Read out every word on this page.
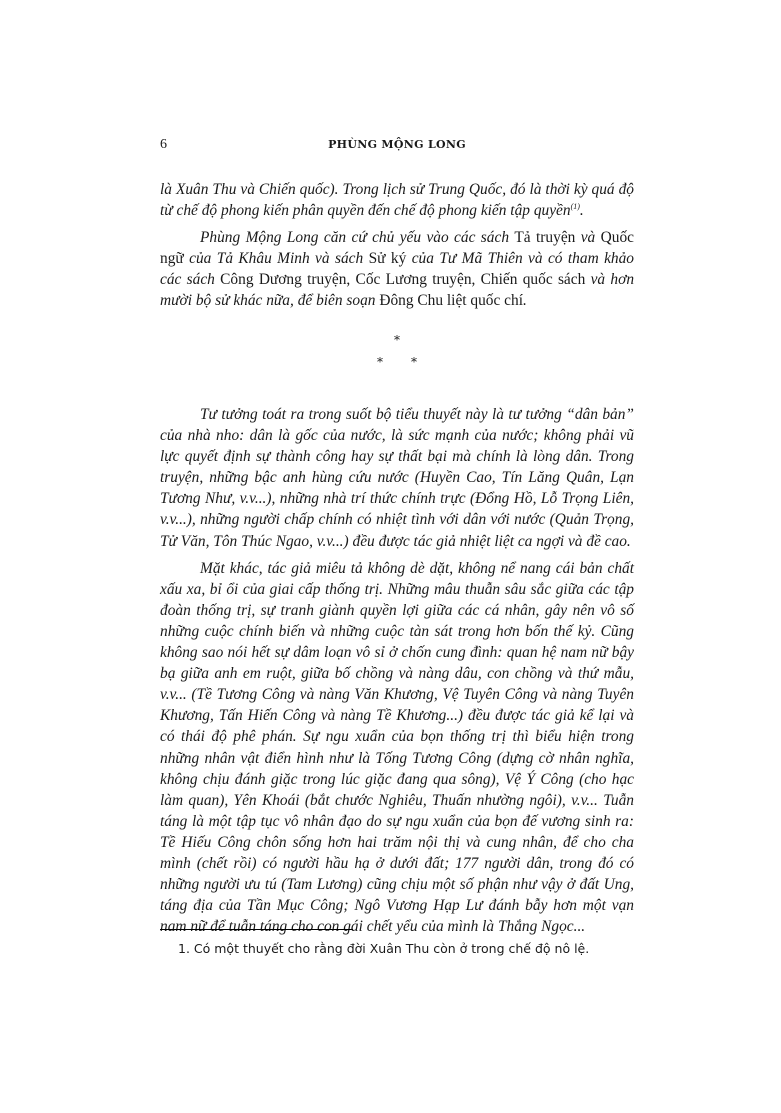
6	PHÙNG MỘNG LONG

là Xuân Thu và Chiến quốc). Trong lịch sử Trung Quốc, đó là thời kỳ quá độ từ chế độ phong kiến phân quyền đến chế độ phong kiến tập quyền$^{(1)}$.

Phùng Mộng Long căn cứ chủ yếu vào các sách Tả truyện và Quốc ngữ của Tả Khâu Minh và sách Sử ký của Tư Mã Thiên và có tham khảo các sách Công Dương truyện, Cốc Lương truyện, Chiến quốc sách và hơn mười bộ sử khác nữa, để biên soạn Đông Chu liệt quốc chí.

*
* *

Tư tưởng toát ra trong suốt bộ tiểu thuyết này là tư tưởng “dân bản” của nhà nho: dân là gốc của nước, là sức mạnh của nước; không phải vũ lực quyết định sự thành công hay sự thất bại mà chính là lòng dân. Trong truyện, những bậc anh hùng cứu nước (Huyền Cao, Tín Lăng Quân, Lạn Tương Như, v.v...), những nhà trí thức chính trực (Đổng Hồ, Lỗ Trọng Liên, v.v...), những người chấp chính có nhiệt tình với dân với nước (Quản Trọng, Tử Văn, Tôn Thúc Ngao, v.v...) đều được tác giả nhiệt liệt ca ngợi và đề cao.

Mặt khác, tác giả miêu tả không dè dặt, không nể nang cái bản chất xấu xa, bỉ ổi của giai cấp thống trị. Những mâu thuẫn sâu sắc giữa các tập đoàn thống trị, sự tranh giành quyền lợi giữa các cá nhân, gây nên vô số những cuộc chính biến và những cuộc tàn sát trong hơn bốn thế kỷ. Cũng không sao nói hết sự dâm loạn vô sỉ ở chốn cung đình: quan hệ nam nữ bậy bạ giữa anh em ruột, giữa bố chồng và nàng dâu, con chồng và thứ mẫu, v.v... (Tề Tương Công và nàng Văn Khương, Vệ Tuyên Công và nàng Tuyên Khương, Tấn Hiến Công và nàng Tề Khương...) đều được tác giả kể lại và có thái độ phê phán. Sự ngu xuẩn của bọn thống trị thì biểu hiện trong những nhân vật điển hình như là Tống Tương Công (dựng cờ nhân nghĩa, không chịu đánh giặc trong lúc giặc đang qua sông), Vệ Ý Công (cho hạc làm quan), Yên Khoái (bắt chước Nghiêu, Thuấn nhường ngôi), v.v... Tuẫn táng là một tập tục vô nhân đạo do sự ngu xuẩn của bọn đế vương sinh ra: Tề Hiếu Công chôn sống hơn hai trăm nội thị và cung nhân, để cho cha mình (chết rồi) có người hầu hạ ở dưới đất; 177 người dân, trong đó có những người ưu tú (Tam Lương) cũng chịu một số phận như vậy ở đất Ung, táng địa của Tần Mục Công; Ngô Vương Hạp Lư đánh bẫy hơn một vạn nam nữ để tuẫn táng cho con gái chết yểu của mình là Thắng Ngọc...

1. Có một thuyết cho rằng đời Xuân Thu còn ở trong chế độ nô lệ.
